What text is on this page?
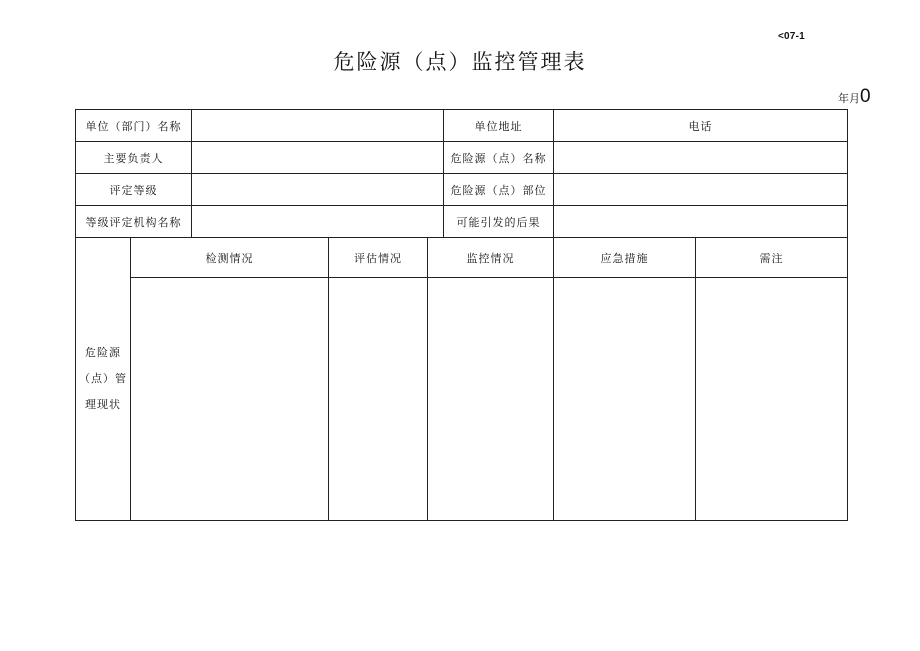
<07-1
危险源（点）监控管理表
年月 0
单位（部门）名称					单位地址	电话	
主要负责人					危险源（点）名称		
评定等级					危险源（点）部位		
等级评定机构名称					可能引发的后果		

危险源
（点）管
理现状	检测情况		评估情况	监控情况		应急措施	需注
